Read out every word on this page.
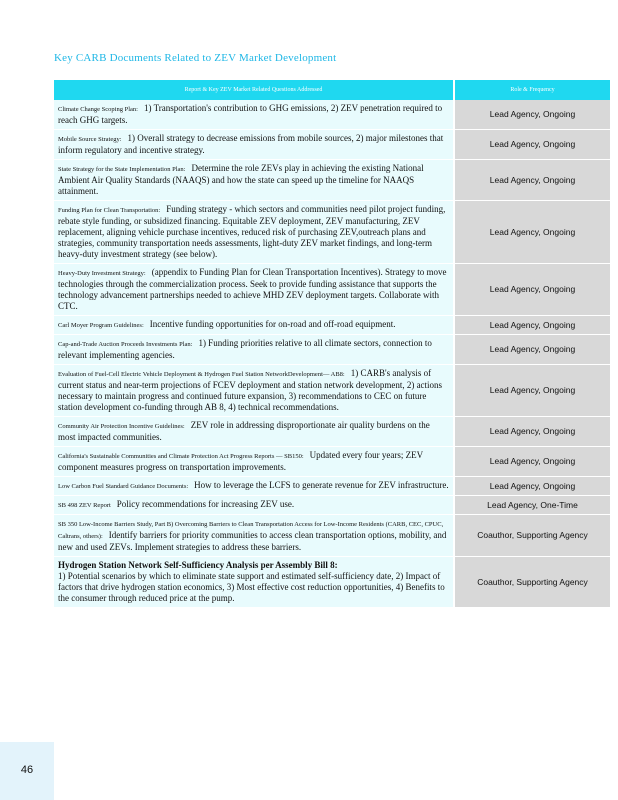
Key CARB Documents Related to ZEV Market Development
Report & Key ZEV Market Related Questions Addressed	Role & Frequency
Climate Change Scoping Plan: 1) Transportation's contribution to GHG emissions, 2) ZEV penetration required to reach GHG targets.	Lead Agency, Ongoing
Mobile Source Strategy: 1) Overall strategy to decrease emissions from mobile sources, 2) major milestones that inform regulatory and incentive strategy.	Lead Agency, Ongoing
State Strategy for the State Implementation Plan: Determine the role ZEVs play in achieving the existing National Ambient Air Quality Standards (NAAQS) and how the state can speed up the timeline for NAAQS attainment.	Lead Agency, Ongoing
Funding Plan for Clean Transportation: Funding strategy - which sectors and communities need pilot project funding, rebate style funding, or subsidized financing. Equitable ZEV deployment, ZEV manufacturing, ZEV replacement, aligning vehicle purchase incentives, reduced risk of purchasing ZEV,outreach plans and strategies, community transportation needs assessments, light-duty ZEV market findings, and long-term heavy-duty investment strategy (see below).	Lead Agency, Ongoing
Heavy-Duty Investment Strategy: (appendix to Funding Plan for Clean Transportation Incentives). Strategy to move technologies through the commercialization process. Seek to provide funding assistance that supports the technology advancement partnerships needed to achieve MHD ZEV deployment targets. Collaborate with CTC.	Lead Agency, Ongoing
Carl Moyer Program Guidelines: Incentive funding opportunities for on-road and off-road equipment.	Lead Agency, Ongoing
Cap-and-Trade Auction Proceeds Investments Plan: 1) Funding priorities relative to all climate sectors, connection to relevant implementing agencies.	Lead Agency, Ongoing
Evaluation of Fuel-Cell Electric Vehicle Deployment & Hydrogen Fuel Station NetworkDevelopment— AB8: 1) CARB's analysis of current status and near-term projections of FCEV deployment and station network development, 2) actions necessary to maintain progress and continued future expansion, 3) recommendations to CEC on future station development co-funding through AB 8, 4) technical recommendations.	Lead Agency, Ongoing
Community Air Protection Incentive Guidelines: ZEV role in addressing disproportionate air quality burdens on the most impacted communities.	Lead Agency, Ongoing
California's Sustainable Communities and Climate Protection Act Progress Reports — SB150: Updated every four years; ZEV component measures progress on transportation improvements.	Lead Agency, Ongoing
Low Carbon Fuel Standard Guidance Documents: How to leverage the LCFS to generate revenue for ZEV infrastructure.	Lead Agency, Ongoing
SB 498 ZEV Report Policy recommendations for increasing ZEV use.	Lead Agency, One-Time
SB 350 Low-Income Barriers Study, Part B) Overcoming Barriers to Clean Transportation Access for Low-Income Residents (CARB, CEC, CPUC, Caltrans, others): Identify barriers for priority communities to access clean transportation options, mobility, and new and used ZEVs. Implement strategies to address these barriers.	Coauthor, Supporting Agency
Hydrogen Station Network Self-Sufficiency Analysis per Assembly Bill 8:
1) Potential scenarios by which to eliminate state support and estimated self-sufficiency date, 2) Impact of factors that drive hydrogen station economics, 3) Most effective cost reduction opportunities, 4) Benefits to the consumer through reduced price at the pump.	Coauthor, Supporting Agency
46
